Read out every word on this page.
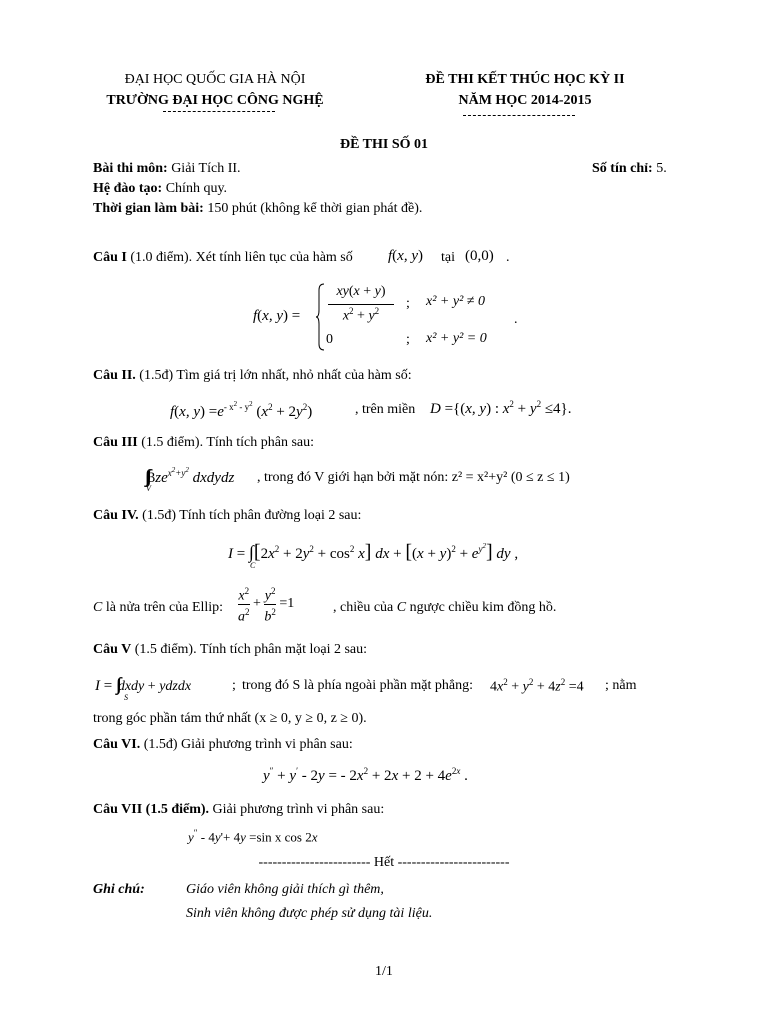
ĐẠI HỌC QUỐC GIA HÀ NỘI
TRƯỜNG ĐẠI HỌC CÔNG NGHỆ
ĐỀ THI KẾT THÚC HỌC KỲ II
NĂM HỌC 2014-2015
ĐỀ THI SỐ 01
Bài thi môn: Giải Tích II.	Số tín chỉ: 5.
Hệ đào tạo: Chính quy.
Thời gian làm bài: 150 phút (không kể thời gian phát đề).
Câu I (1.0 điểm). Xét tính liên tục của hàm số f(x, y) tại (0,0) .
f(x, y) =
xy(x + y)
$x^2 + y^2$	; x² + y² ≠ 0
0	; x² + y² = 0
.
Câu II. (1.5đ) Tìm giá trị lớn nhất, nhỏ nhất của hàm số:
f(x, $y) =e^{- x^2 - y^2}$ $(x^2 + 2y^2)$	, trên miền D ={(x, y) : $x^2 + y^2 \le 4$}.
Câu III (1.5 điểm). Tính tích phân sau:
$\int\int\int 3ze^{x^2+y^2}$ dxdydz
V
, trong đó V giới hạn bởi mặt nón: z² = x²+y² (0 ≤ z ≤ 1)
Câu IV. (1.5đ) Tính tích phân đường loại 2 sau:
$I = \int[2x^2 + 2y^2 + \cos^2 x]$ dx + $[(x + y)^2 + e^{y^2}]$ dy ,
C
C là nửa trên của Ellip: $\frac{x^2}{a^2} + \frac{y^2}{b^2} =1$	, chiều của C ngược chiều kim đồng hồ.
Câu V (1.5 điểm). Tính tích phân mặt loại 2 sau:
I = ∫∫dxdy + ydzdx
S
; trong đó S là phía ngoài phần mặt phẳng: $4x^2 + y^2 + 4z^2 =4$ ; nằm
trong góc phần tám thứ nhất (x ≥ 0, y ≥ 0, z ≥ 0).
Câu VI. (1.5đ) Giải phương trình vi phân sau:
y″ + y′ - 2y = - $2x^2 + 2x + 2 + 4e^{2x}$ .
Câu VII (1.5 điểm). Giải phương trình vi phân sau:
y″ - 4y'+ 4y =sin x cos 2x
------------------------ Hết ------------------------
Ghi chú:	Giáo viên không giải thích gì thêm,
Sinh viên không được phép sử dụng tài liệu.
1/1
